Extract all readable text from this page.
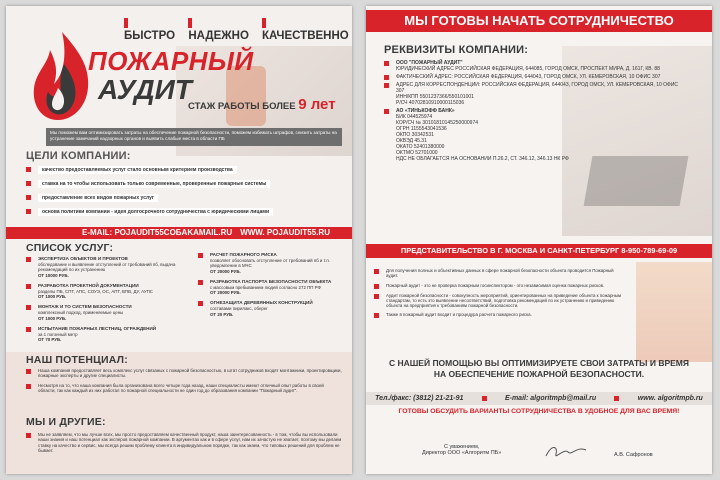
БЫСТРО	НАДЕЖНО	КАЧЕСТВЕННО
ПОЖАРНЫЙ
АУДИТ
СТАЖ РАБОТЫ БОЛЕЕ 9 лет
Мы поможем вам оптимизировать затраты на обеспечение пожарной безопасности, поможем избежать штрафов, снизить затраты на устранение замечаний надзорных органов и выявить слабые места в области ПБ
ЦЕЛИ КОМПАНИИ:
качество предоставляемых услуг стало основным критерием производства
ставка на то чтобы использовать только современные, проверенные пожарные системы
предоставление всех видов пожарных услуг
основа политики компании - идея долгосрочного сотрудничества с юридическими лицами
E-MAIL: POJAUDIT55COБAKAMAIL.RU WWW. POJAUDIT55.RU
СПИСОК УСЛУГ:
ЭКСПЕРТИЗА ОБЪЕКТОВ И ПРОЕКТОВ
обследование и выявление отступлений от требований пб, выдача рекомендаций по их устранению
ОТ 10000 РУБ.
РАЗРАБОТКА ПРОЕКТНОЙ ДОКУМЕНТАЦИИ
разделы ПБ, СПТ, АПС, СОУЭ, ОС, АПТ, ВПВ, ДУ, АУПС
ОТ 1000 РУБ.
МОНТАЖ И ТО СИСТЕМ БЕЗОПАСНОСТИ
комплексный подход, применяемые цены
ОТ 1000 РУБ.
ИСПЫТАНИЕ ПОЖАРНЫХ ЛЕСТНИЦ, ОГРАЖДЕНИЙ
за 1 погонный метр
ОТ 70 РУБ.
РАСЧЕТ ПОЖАРНОГО РИСКА
позволяет обосновать отступление от требований пб и т.п. уведомление в МЧС
ОТ 20000 РУБ.
РАЗРАБОТКА ПАСПОРТА БЕЗОПАСНОСТИ ОБЪЕКТА
с массовым пребыванием людей согласно 272 ПП РФ
ОТ 20000 РУБ.
ОГНЕЗАЩИТА ДЕРЕВЯННЫХ КОНСТРУКЦИЙ
составами пирилакс, оберег
ОТ 20 РУБ.
НАШ ПОТЕНЦИАЛ:
Наша компания предоставляет весь комплекс услуг связаных с пожарной безопасностью, в штат сотрудников входят монтажники, проектировщики, пожарные эксперты и другие специалисты.
Несмотря на то, что наша компания была организована всего четыре года назад, наши специалисты имеют отличный опыт работы в своей области, так как каждый из них работал по пожарной специальности не один год до образования компании "Пожарный аудит".
МЫ И ДРУГИЕ:
Мы не заявляем, что мы лучше всех, мы просто предоставляем качественный продукт, наша заинтересованность - в том, чтобы вы использовали наши знания и наш потенциал как эксперов пожарной компании. В аргументах как и в сфере услуг, нам их зачастую не хватает, поэтому мы делаем ставку на качество и сервис, мы всегда решим проблему клиента в индивидуальном порядке, так как знаем, что типовых решений для проблем не бывает.
МЫ ГОТОВЫ НАЧАТЬ СОТРУДНИЧЕСТВО
РЕКВИЗИТЫ КОМПАНИИ:
ООО "ПОЖАРНЫЙ АУДИТ"
ЮРИДИЧЕСКИЙ АДРЕС РОССИЙСКАЯ ФЕДЕРАЦИЯ, 644085, ГОРОД ОМСК, ПРОСПЕКТ МИРА, Д. 161Г, КВ. 88
ФАКТИЧЕСКИЙ АДРЕС: РОССИЙСКАЯ ФЕДЕРАЦИЯ, 644043, ГОРОД ОМСК, УЛ. КЕМЕРОВСКАЯ, 10 ОФИС 307
АДРЕС ДЛЯ КОРРЕСПОНДЕНЦИИ: РОССИЙСКАЯ ФЕДЕРАЦИЯ, 644043, ГОРОД ОМСК, УЛ. КЕМЕРОВСКАЯ, 10 ОФИС 307
ИНН/КПП 5501237366/550101001
Р/СЧ 40702810910000115036
АО «ТИНЬКОФФ БАНК»
БИК 044525974
КОР/СЧ № 30101810145250000974
ОГРН 1155543041536
ОКПО 30342531
ОКВЭД 45.31
ОКАТО 52401380000
ОКТМО 52701000
НДС НЕ ОБЛАГАЕТСЯ НА ОСНОВАНИИ П.26.2, СТ. 346.12, 346.13 НК РФ
ПРЕДСТАВИТЕЛЬСТВО В Г. МОСКВА И САНКТ-ПЕТЕРБУРГ 8-950-789-69-09
Для получения полных и объективных данных в сфере пожарной безопасности объекта проводится Пожарный аудит.
Пожарный аудит - это не проверка пожарным госинспектором - это независимая оценка пожарных рисков.
Аудит пожарной безопасности - совокупность мероприятий, ориентированных на приведение объекта к пожарным стандартам, то есть это выявление несоответствий, подготовка рекомендаций по их устранению и приведению объекта на предприятия к требованиям пожарной безопасности.
Также в пожарный аудит входит и процедура расчета пожарного риска.
С НАШЕЙ ПОМОЩЬЮ ВЫ ОПТИМИЗИРУЕТЕ СВОИ ЗАТРАТЫ И ВРЕМЯ
НА ОБЕСПЕЧЕНИЕ ПОЖАРНОЙ БЕЗОПАСНОСТИ.
Тел./факс: (3812) 21-21-91	E-mail: algoritmpb@mail.ru	www. algoritmpb.ru
ГОТОВЫ ОБСУДИТЬ ВАРИАНТЫ СОТРУДНИЧЕСТВА В УДОБНОЕ ДЛЯ ВАС ВРЕМЯ!
С уважением,
Директор ООО «Алгоритм ПБ»	А.В. Сафронов
